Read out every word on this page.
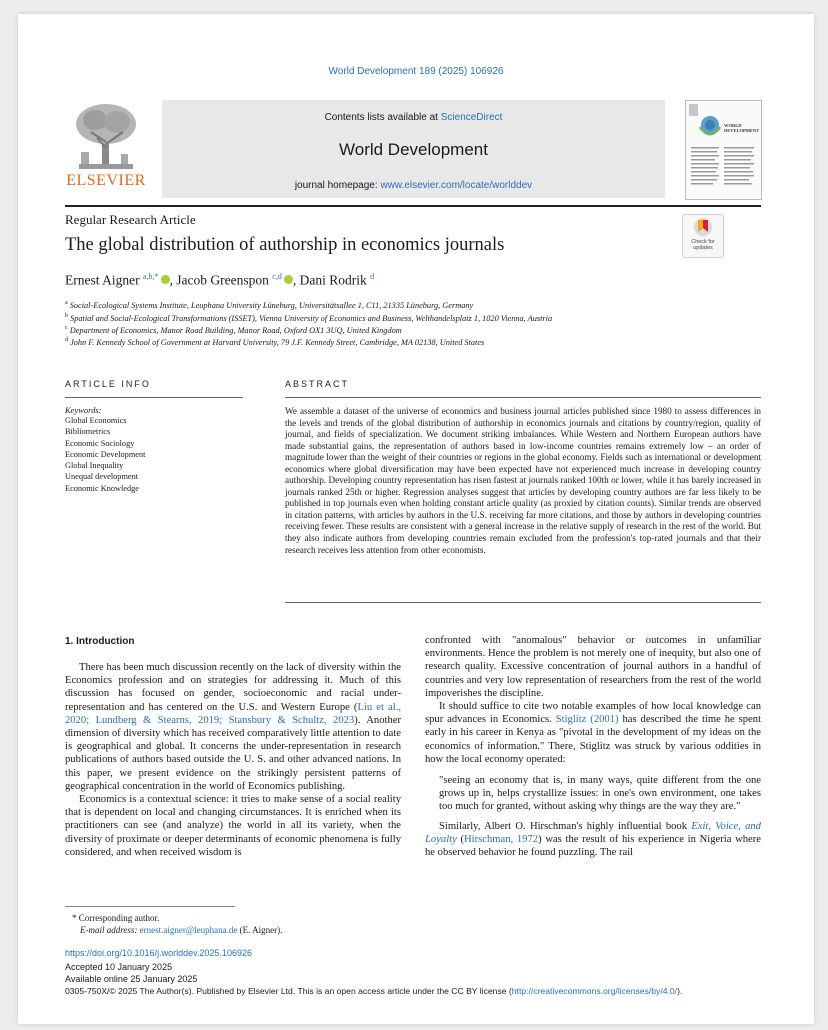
World Development 189 (2025) 106926
ELSEVIER
Contents lists available at ScienceDirect
World Development
journal homepage: www.elsevier.com/locate/worlddev
WORLD DEVELOPMENT
Regular Research Article
The global distribution of authorship in economics journals	Check for updates
Ernest Aigner $^{a,b,*}$ , Jacob Greenspon $^{c,d}$ , Dani Rodrik $^d$
$^a$ Social-Ecological Systems Institute, Leuphana University Lüneburg, Universitätsallee 1, C11, 21335 Lüneburg, Germany
$^b$ Spatial and Social-Ecological Transformations (ISSET), Vienna University of Economics and Business, Welthandelsplatz 1, 1020 Vienna, Austria
$^c$ Department of Economics, Manor Road Building, Manor Road, Oxford OX1 3UQ, United Kingdom
$^d$ John F. Kennedy School of Government at Harvard University, 79 J.F. Kennedy Street, Cambridge, MA 02138, United States
ARTICLE INFO	ABSTRACT
Keywords:
Global Economics
Bibliometrics
Economic Sociology
Economic Development
Global Inequality
Unequal development
Economic Knowledge
We assemble a dataset of the universe of economics and business journal articles published since 1980 to assess differences in the levels and trends of the global distribution of authorship in economics journals and citations by country/region, quality of journal, and fields of specialization. We document striking imbalances. While Western and Northern European authors have made substantial gains, the representation of authors based in low-income countries remains extremely low – an order of magnitude lower than the weight of their countries or regions in the global economy. Fields such as international or development economics where global diversification may have been expected have not experienced much increase in developing country authorship. Developing country representation has risen fastest at journals ranked 100th or lower, while it has barely increased in journals ranked 25th or higher. Regression analyses suggest that articles by developing country authors are far less likely to be published in top journals even when holding constant article quality (as proxied by citation counts). Similar trends are observed in citation patterns, with articles by authors in the U.S. receiving far more citations, and those by authors in developing countries receiving fewer. These results are consistent with a general increase in the relative supply of research in the rest of the world. But they also indicate authors from developing countries remain excluded from the profession's top-rated journals and that their research receives less attention from other economists.
1. Introduction

There has been much discussion recently on the lack of diversity within the Economics profession and on strategies for addressing it. Much of this discussion has focused on gender, socioeconomic and racial under-representation and has centered on the U.S. and Western Europe (Liu et al., 2020; Lundberg & Stearns, 2019; Stansbury & Schultz, 2023). Another dimension of diversity which has received comparatively little attention to date is geographical and global. It concerns the under-representation in research publications of authors based outside the U. S. and other advanced nations. In this paper, we present evidence on the strikingly persistent patterns of geographical concentration in the world of Economics publishing.

Economics is a contextual science: it tries to make sense of a social reality that is dependent on local and changing circumstances. It is enriched when its practitioners can see (and analyze) the world in all its variety, when the diversity of proximate or deeper determinants of economic phenomena is fully considered, and when received wisdom is

confronted with "anomalous" behavior or outcomes in unfamiliar environments. Hence the problem is not merely one of inequity, but also one of research quality. Excessive concentration of journal authors in a handful of countries and very low representation of researchers from the rest of the world impoverishes the discipline.

It should suffice to cite two notable examples of how local knowledge can spur advances in Economics. Stiglitz (2001) has described the time he spent early in his career in Kenya as "pivotal in the development of my ideas on the economics of information." There, Stiglitz was struck by various oddities in how the local economy operated:

"seeing an economy that is, in many ways, quite different from the one grows up in, helps crystallize issues: in one's own environment, one takes too much for granted, without asking why things are the way they are."

Similarly, Albert O. Hirschman's highly influential book Exit, Voice, and Loyalty (Hirschman, 1972) was the result of his experience in Nigeria where he observed behavior he found puzzling. The rail

* Corresponding author.
E-mail address: ernest.aigner@leuphana.de (E. Aigner).
https://doi.org/10.1016/j.worlddev.2025.106926
Accepted 10 January 2025
Available online 25 January 2025
0305-750X/© 2025 The Author(s). Published by Elsevier Ltd. This is an open access article under the CC BY license (http://creativecommons.org/licenses/by/4.0/).
